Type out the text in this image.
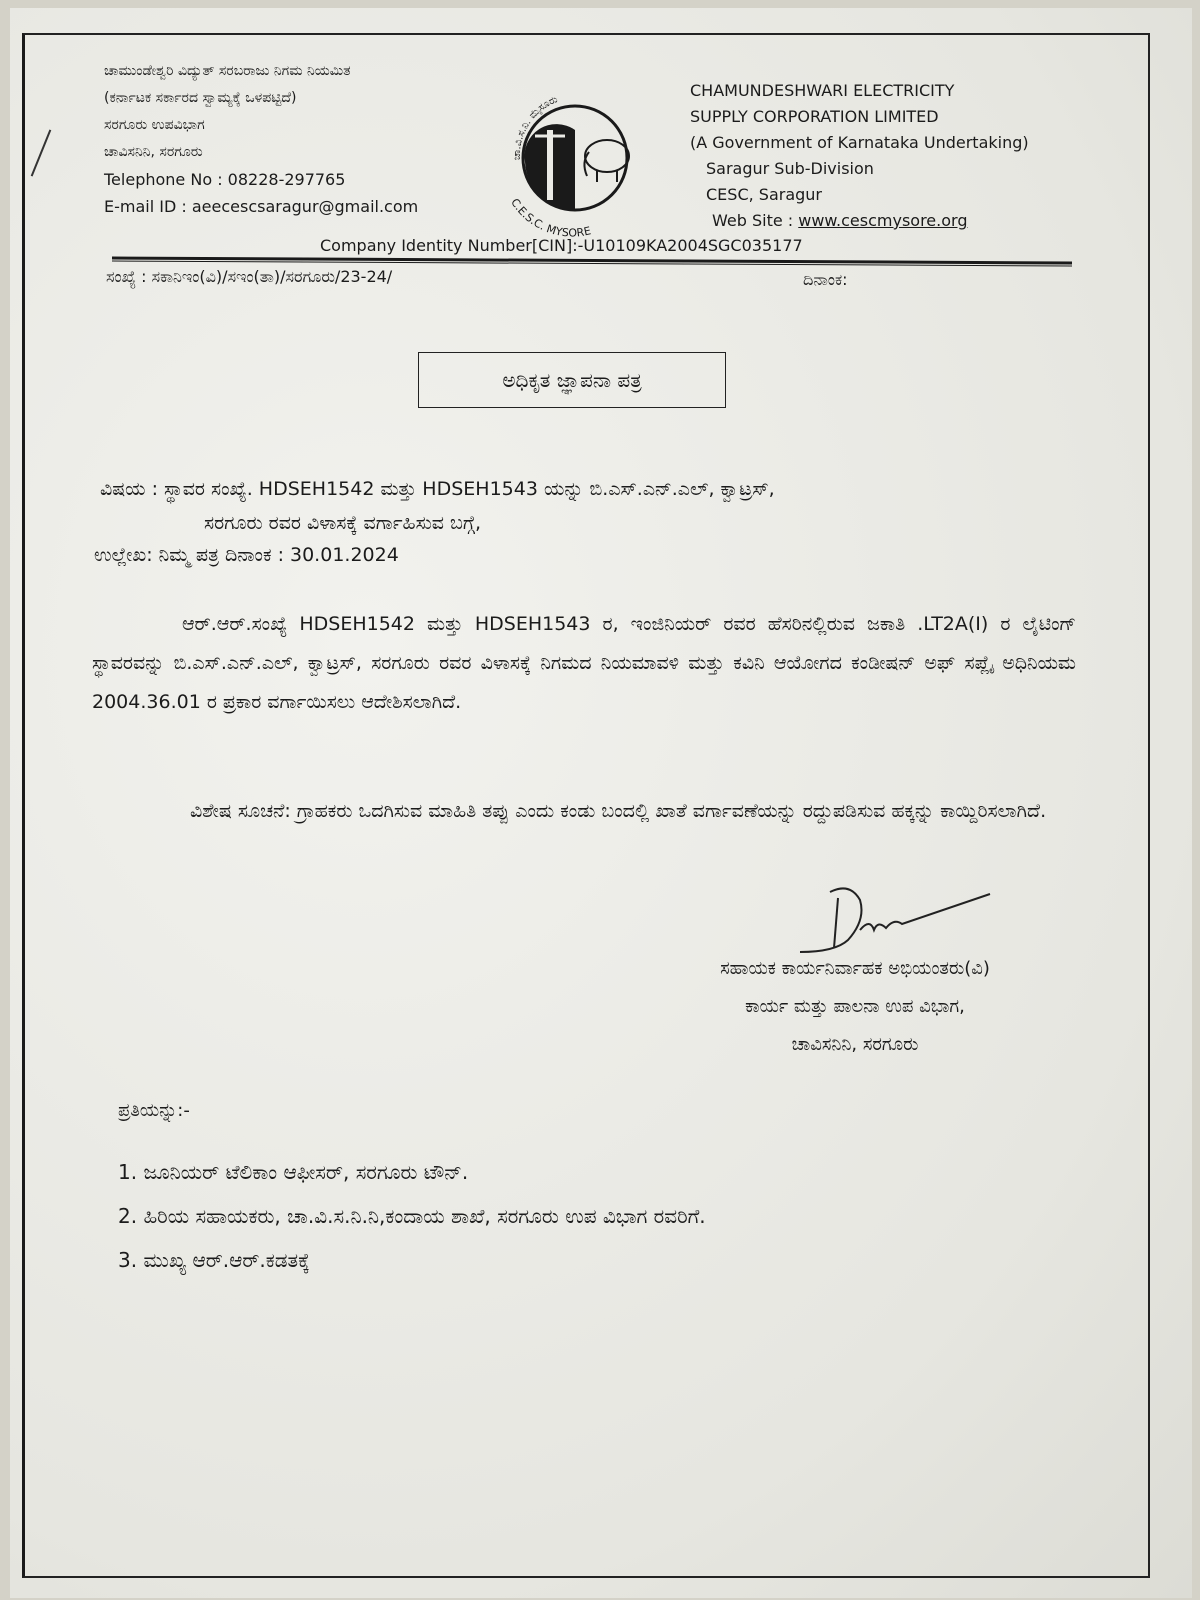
ಚಾಮುಂಡೇಶ್ವರಿ ವಿದ್ಯುತ್ ಸರಬರಾಜು ನಿಗಮ ನಿಯಮಿತ
(ಕರ್ನಾಟಕ ಸರ್ಕಾರದ ಸ್ವಾಮ್ಯಕ್ಕೆ ಒಳಪಟ್ಟಿದೆ)
ಸರಗೂರು ಉಪವಿಭಾಗ
ಚಾವಿಸನಿನಿ, ಸರಗೂರು
Telephone No : 08228-297765
E-mail ID : aeecescsaragur@gmail.com
ಚಾ.ವಿ.ಸ.ನಿ. ಮೈಸೂರು
C.E.S.C. MYSORE
CHAMUNDESHWARI ELECTRICITY
SUPPLY CORPORATION LIMITED
(A Government of Karnataka Undertaking)
Saragur Sub-Division
CESC, Saragur
Web Site : www.cescmysore.org
Company Identity Number[CIN]:-U10109KA2004SGC035177
ಸಂಖ್ಯೆ : ಸಕಾನಿಇಂ(ವಿ)/ಸಇಂ(ತಾ)/ಸರಗೂರು/23-24/	ದಿನಾಂಕ:
ಅಧಿಕೃತ ಜ್ಞಾಪನಾ ಪತ್ರ
ವಿಷಯ : ಸ್ಥಾವರ ಸಂಖ್ಯೆ. HDSEH1542 ಮತ್ತು HDSEH1543 ಯನ್ನು ಬಿ.ಎಸ್.ಎನ್.ಎಲ್, ಕ್ವಾಟ್ರಸ್,
ಸರಗೂರು ರವರ ವಿಳಾಸಕ್ಕೆ ವರ್ಗಾಹಿಸುವ ಬಗ್ಗೆ,
ಉಲ್ಲೇಖ: ನಿಮ್ಮ ಪತ್ರ ದಿನಾಂಕ : 30.01.2024
ಆರ್.ಆರ್.ಸಂಖ್ಯೆ HDSEH1542 ಮತ್ತು HDSEH1543 ರ, ಇಂಜಿನಿಯರ್ ರವರ ಹೆಸರಿನಲ್ಲಿರುವ ಜಕಾತಿ .LT2A(I) ರ ಲೈಟಿಂಗ್ ಸ್ಥಾವರವನ್ನು ಬಿ.ಎಸ್.ಎನ್.ಎಲ್, ಕ್ವಾಟ್ರಸ್, ಸರಗೂರು ರವರ ವಿಳಾಸಕ್ಕೆ ನಿಗಮದ ನಿಯಮಾವಳಿ ಮತ್ತು ಕವಿನಿ ಆಯೋಗದ ಕಂಡೀಷನ್ ಅಫ್ ಸಪ್ಲೈ ಅಧಿನಿಯಮ 2004.36.01 ರ ಪ್ರಕಾರ ವರ್ಗಾಯಿಸಲು ಆದೇಶಿಸಲಾಗಿದೆ.
ವಿಶೇಷ ಸೂಚನೆ: ಗ್ರಾಹಕರು ಒದಗಿಸುವ ಮಾಹಿತಿ ತಪ್ಪು ಎಂದು ಕಂಡು ಬಂದಲ್ಲಿ ಖಾತೆ ವರ್ಗಾವಣೆಯನ್ನು ರದ್ದುಪಡಿಸುವ ಹಕ್ಕನ್ನು ಕಾಯ್ದಿರಿಸಲಾಗಿದೆ.
ಸಹಾಯಕ ಕಾರ್ಯನಿರ್ವಾಹಕ ಅಭಿಯಂತರು(ವಿ)
ಕಾರ್ಯ ಮತ್ತು ಪಾಲನಾ ಉಪ ವಿಭಾಗ,
ಚಾವಿಸನಿನಿ, ಸರಗೂರು
ಪ್ರತಿಯನ್ನು:-
1. ಜೂನಿಯರ್ ಟೆಲಿಕಾಂ ಆಫೀಸರ್, ಸರಗೂರು ಟೌನ್.
2. ಹಿರಿಯ ಸಹಾಯಕರು, ಚಾ.ವಿ.ಸ.ನಿ.ನಿ,ಕಂದಾಯ ಶಾಖೆ, ಸರಗೂರು ಉಪ ವಿಭಾಗ ರವರಿಗೆ.
3. ಮುಖ್ಯ ಆರ್.ಆರ್.ಕಡತಕ್ಕೆ
